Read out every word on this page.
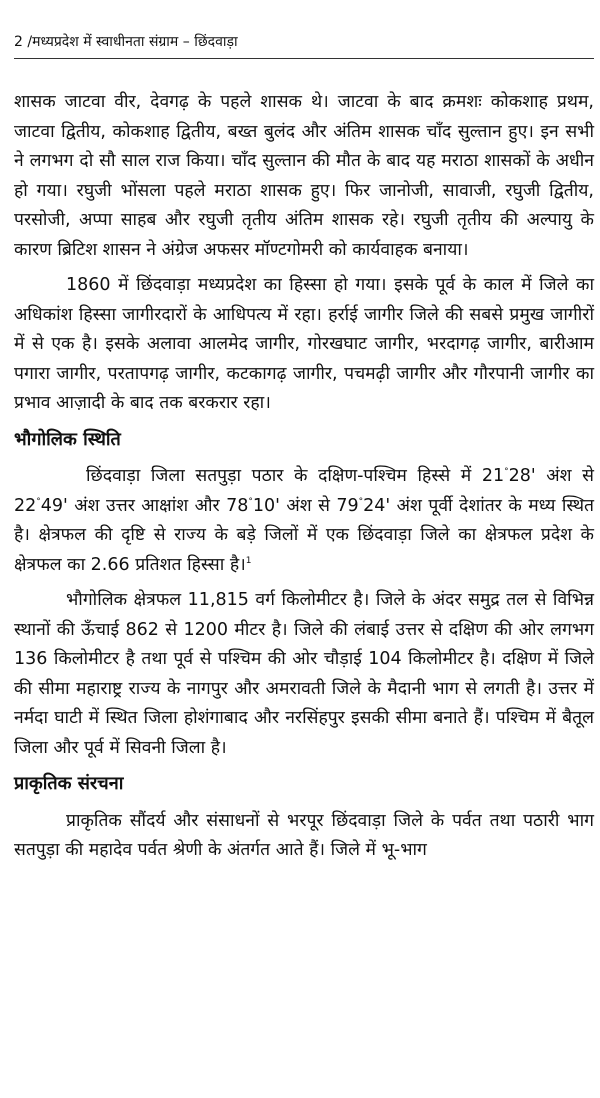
2 /मध्यप्रदेश में स्वाधीनता संग्राम – छिंदवाड़ा

शासक जाटवा वीर, देवगढ़ के पहले शासक थे। जाटवा के बाद क्रमशः कोकशाह प्रथम, जाटवा द्वितीय, कोकशाह द्वितीय, बख्त बुलंद और अंतिम शासक चाँद सुल्तान हुए। इन सभी ने लगभग दो सौ साल राज किया। चाँद सुल्तान की मौत के बाद यह मराठा शासकों के अधीन हो गया। रघुजी भोंसला पहले मराठा शासक हुए। फिर जानोजी, सावाजी, रघुजी द्वितीय, परसोजी, अप्पा साहब और रघुजी तृतीय अंतिम शासक रहे। रघुजी तृतीय की अल्पायु के कारण ब्रिटिश शासन ने अंग्रेज अफसर मॉण्टगोमरी को कार्यवाहक बनाया।

1860 में छिंदवाड़ा मध्यप्रदेश का हिस्सा हो गया। इसके पूर्व के काल में जिले का अधिकांश हिस्सा जागीरदारों के आधिपत्य में रहा। हर्राई जागीर जिले की सबसे प्रमुख जागीरों में से एक है। इसके अलावा आलमेद जागीर, गोरखघाट जागीर, भरदागढ़ जागीर, बारीआम पगारा जागीर, परतापगढ़ जागीर, कटकागढ़ जागीर, पचमढ़ी जागीर और गौरपानी जागीर का प्रभाव आज़ादी के बाद तक बरकरार रहा।

भौगोलिक स्थिति

छिंदवाड़ा जिला सतपुड़ा पठार के दक्षिण-पश्चिम हिस्से में 21°28' अंश से 22°49' अंश उत्तर आक्षांश और 78°10' अंश से 79°24' अंश पूर्वी देशांतर के मध्य स्थित है। क्षेत्रफल की दृष्टि से राज्य के बड़े जिलों में एक छिंदवाड़ा जिले का क्षेत्रफल प्रदेश के क्षेत्रफल का 2.66 प्रतिशत हिस्सा है।$^1$

भौगोलिक क्षेत्रफल 11,815 वर्ग किलोमीटर है। जिले के अंदर समुद्र तल से विभिन्न स्थानों की ऊँचाई 862 से 1200 मीटर है। जिले की लंबाई उत्तर से दक्षिण की ओर लगभग 136 किलोमीटर है तथा पूर्व से पश्चिम की ओर चौड़ाई 104 किलोमीटर है। दक्षिण में जिले की सीमा महाराष्ट्र राज्य के नागपुर और अमरावती जिले के मैदानी भाग से लगती है। उत्तर में नर्मदा घाटी में स्थित जिला होशंगाबाद और नरसिंहपुर इसकी सीमा बनाते हैं। पश्चिम में बैतूल जिला और पूर्व में सिवनी जिला है।

प्राकृतिक संरचना

प्राकृतिक सौंदर्य और संसाधनों से भरपूर छिंदवाड़ा जिले के पर्वत तथा पठारी भाग सतपुड़ा की महादेव पर्वत श्रेणी के अंतर्गत आते हैं। जिले में भू-भाग
